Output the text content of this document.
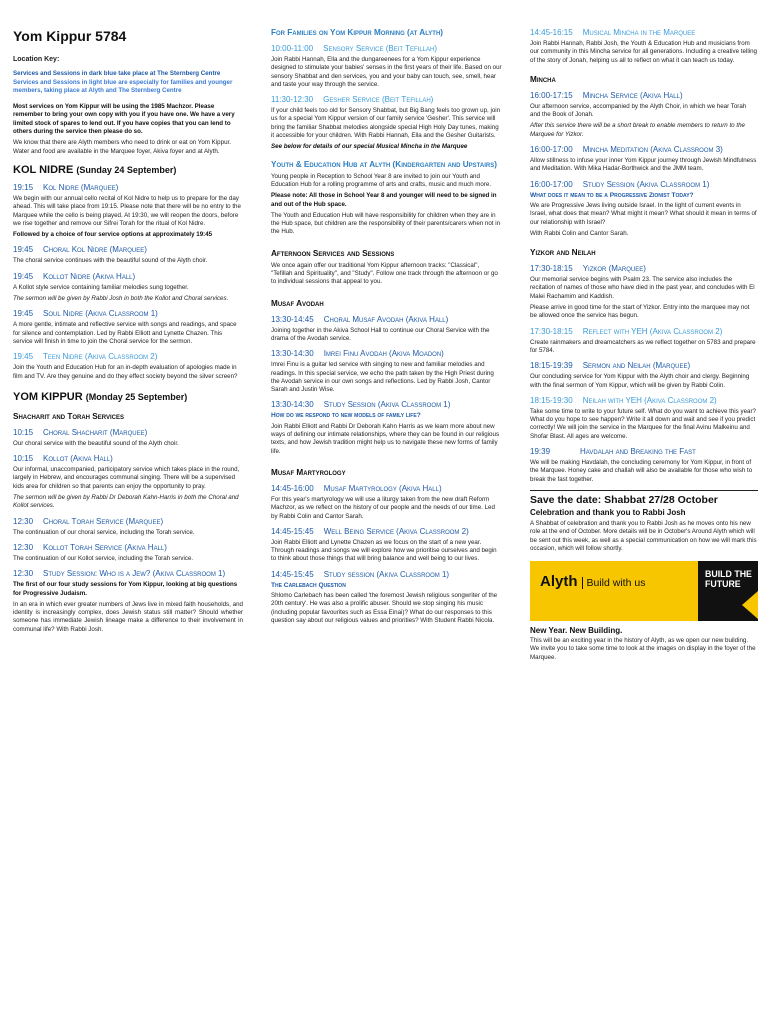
Yom Kippur 5784
Location Key:

Services and Sessions in dark blue take place at The Sternberg Centre

Services and Sessions in light blue are especially for families and younger members, taking place at Alyth and The Sternberg Centre

Most services on Yom Kippur will be using the 1985 Machzor. Please remember to bring your own copy with you if you have one. We have a very limited stock of spares to lend out. If you have copies that you can lend to others during the service then please do so.

We know that there are Alyth members who need to drink or eat on Yom Kippur. Water and food are available in the Marquee foyer, Akiva foyer and at Alyth.

KOL NIDRE (Sunday 24 September)
19:15 Kol Nidre (Marquee)

We begin with our annual cello recital of Kol Nidre to help us to prepare for the day ahead. This will take place from 19:15. Please note that there will be no entry to the Marquee while the cello is being played. At 19:30, we will reopen the doors, before we rise together and remove our Sifrei Torah for the ritual of Kol Nidre.

Followed by a choice of four service options at approximately 19:45

19:45 Choral Kol Nidre (Marquee)

The choral service continues with the beautiful sound of the Alyth choir.

19:45 Kollot Nidre (Akiva Hall)

A Kollot style service containing familiar melodies sung together.

The sermon will be given by Rabbi Josh in both the Kollot and Choral services.

19:45 Soul Nidre (Akiva Classroom 1)

A more gentle, intimate and reflective service with songs and readings, and space for silence and contemplation. Led by Rabbi Elliott and Lynette Chazen. This service will finish in time to join the Choral service for the sermon.

19:45 Teen Nidre (Akiva Classroom 2)

Join the Youth and Education Hub for an in-depth evaluation of apologies made in film and TV. Are they genuine and do they effect society beyond the silver screen?

YOM KIPPUR (Monday 25 September)
Shacharit and Torah Services
10:15 Choral Shacharit (Marquee)

Our choral service with the beautiful sound of the Alyth choir.

10:15 Kollot (Akiva Hall)

Our informal, unaccompanied, participatory service which takes place in the round, largely in Hebrew, and encourages communal singing. There will be a supervised kids area for children so that parents can enjoy the opportunity to pray.

The sermon will be given by Rabbi Dr Deborah Kahn-Harris in both the Choral and Kollot services.

12:30 Choral Torah Service (Marquee)

The continuation of our choral service, including the Torah service.

12:30 Kollot Torah Service (Akiva Hall)

The continuation of our Kollot service, including the Torah service.

12:30 Study Session: Who is a Jew? (Akiva Classroom 1)

The first of our four study sessions for Yom Kippur, looking at big questions for Progressive Judaism.

In an era in which ever greater numbers of Jews live in mixed faith households, and identity is increasingly complex, does Jewish status still matter? Should whether someone has immediate Jewish lineage make a difference to their involvement in communal life? With Rabbi Josh.

For Families on Yom Kippur Morning (at Alyth)
10:00-11:00 Sensory Service (Beit Tefillah)

Join Rabbi Hannah, Ella and the dungareenees for a Yom Kippur experience designed to stimulate your babies' senses in the first years of their life. Based on our sensory Shabbat and den services, you and your baby can touch, see, smell, hear and taste your way through the service.

11:30-12:30 Gesher Service (Beit Tefillah)

If your child feels too old for Sensory Shabbat, but Big Bang feels too grown up, join us for a special Yom Kippur version of our family service 'Gesher'. This service will bring the familiar Shabbat melodies alongside special High Holy Day tunes, making it accessible for your children. With Rabbi Hannah, Ella and the Gesher Guitarists.

See below for details of our special Musical Mincha in the Marquee

Youth & Education Hub at Alyth (Kindergarten and Upstairs)

Young people in Reception to School Year 8 are invited to join our Youth and Education Hub for a rolling programme of arts and crafts, music and much more.

Please note: All those in School Year 8 and younger will need to be signed in and out of the Hub space.

The Youth and Education Hub will have responsibility for children when they are in the Hub space, but children are the responsibility of their parents/carers when not in the Hub.

Afternoon Services and Sessions

We once again offer our traditional Yom Kippur afternoon tracks: "Classical", "Tefillah and Spirituality", and "Study". Follow one track through the afternoon or go to individual sessions that appeal to you.

Musaf Avodah
13:30-14:45 Choral Musaf Avodah (Akiva Hall)

Joining together in the Akiva School Hall to continue our Choral Service with the drama of the Avodah service.

13:30-14:30 Imrei Finu Avodah (Akiva Moadon)

Imrei Finu is a guitar led service with singing to new and familiar melodies and readings. In this special service, we echo the path taken by the High Priest during the Avodah service in our own songs and reflections. Led by Rabbi Josh, Cantor Sarah and Justin Wise.

13:30-14:30 Study Session (Akiva Classroom 1)
How do we respond to new models of family life?

Join Rabbi Elliott and Rabbi Dr Deborah Kahn Harris as we learn more about new ways of defining our intimate relationships, where they can be found in our religious texts, and how Jewish tradition might help us to navigate these new forms of family life.

Musaf Martyrology
14:45-16:00 Musaf Martyrology (Akiva Hall)

For this year's martyrology we will use a liturgy taken from the new draft Reform Machzor, as we reflect on the history of our people and the needs of our time. Led by Rabbi Colin and Cantor Sarah.

14:45-15:45 Well Being Service (Akiva Classroom 2)

Join Rabbi Elliott and Lynette Chazen as we focus on the start of a new year. Through readings and songs we will explore how we prioritise ourselves and begin to think about those things that will bring balance and well being to our lives.

14:45-15:45 Study session (Akiva Classroom 1)
The Carlebach Question

Shlomo Carlebach has been called 'the foremost Jewish religious songwriter of the 20th century'. He was also a prolific abuser. Should we stop singing his music (including popular favourites such as Essa Einai)? What do our responses to this question say about our religious values and priorities? With Student Rabbi Nicola.

14:45-16:15 Musical Mincha in the Marquee

Join Rabbi Hannah, Rabbi Josh, the Youth & Education Hub and musicians from our community in this Mincha service for all generations. Including a creative telling of the story of Jonah, helping us all to reflect on what it can teach us today.

Mincha
16:00-17:15 Mincha Service (Akiva Hall)

Our afternoon service, accompanied by the Alyth Choir, in which we hear Torah and the Book of Jonah.

After this service there will be a short break to enable members to return to the Marquee for Yizkor.

16:00-17:00 Mincha Meditation (Akiva Classroom 3)

Allow stillness to infuse your inner Yom Kippur journey through Jewish Mindfulness and Meditation. With Mika Hadar-Borthwick and the JMM team.

16:00-17:00 Study Session (Akiva Classroom 1)
What does it mean to be a Progressive Zionist Today?

We are Progressive Jews living outside Israel. In the light of current events in Israel, what does that mean? What might it mean? What should it mean in terms of our relationship with Israel?

With Rabbi Colin and Cantor Sarah.

Yizkor and Neilah
17:30-18:15 Yizkor (Marquee)

Our memorial service begins with Psalm 23. The service also includes the recitation of names of those who have died in the past year, and concludes with El Malei Rachamim and Kaddish.

Please arrive in good time for the start of Yizkor. Entry into the marquee may not be allowed once the service has begun.

17:30-18:15 Reflect with YEH (Akiva Classroom 2)

Create rainmakers and dreamcatchers as we reflect together on 5783 and prepare for 5784.

18:15-19:39 Sermon and Neilah (Marquee)

Our concluding service for Yom Kippur with the Alyth choir and clergy. Beginning with the final sermon of Yom Kippur, which will be given by Rabbi Colin.

18:15-19:30 Neilah with YEH (Akiva Classroom 2)

Take some time to write to your future self. What do you want to achieve this year? What do you hope to see happen? Write it all down and wait and see if you predict correctly! We will join the service in the Marquee for the final Avinu Malkeinu and Shofar Blast. All ages are welcome.

19:39	Havdalah and Breaking the Fast

We will be making Havdalah, the concluding ceremony for Yom Kippur, in front of the Marquee. Honey cake and challah will also be available for those who wish to break the fast together.

Save the date: Shabbat 27/28 October
Celebration and thank you to Rabbi Josh

A Shabbat of celebration and thank you to Rabbi Josh as he moves onto his new role at the end of October. More details will be in October's Around Alyth which will be sent out this week, as well as a special communication on how we will mark this occasion, which will follow shortly.

Alyth Build with us
BUILD THE
FUTURE
New Year. New Building.

This will be an exciting year in the history of Alyth, as we open our new building. We invite you to take some time to look at the images on display in the foyer of the Marquee.
